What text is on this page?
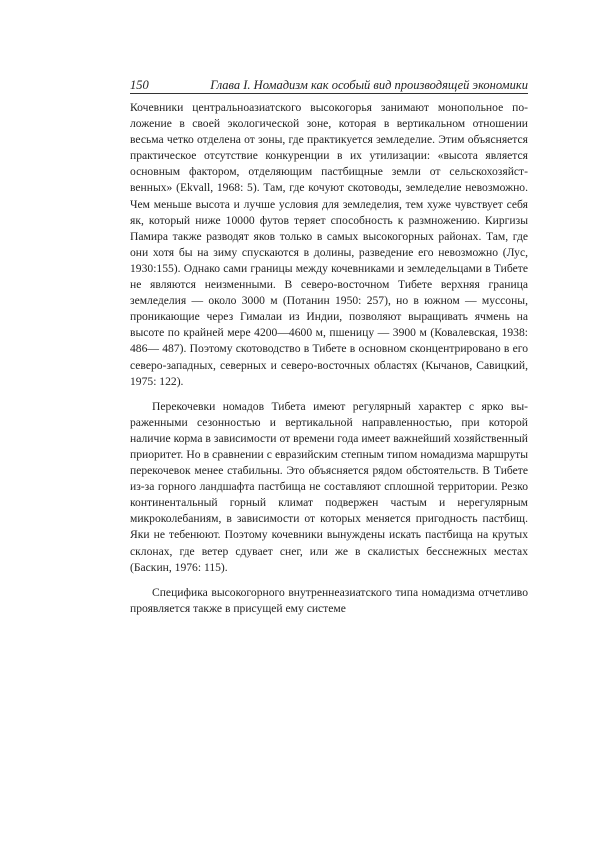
150	Глава I. Номадизм как особый вид производящей экономики

Кочевники центральноазиатского высокогорья занимают монопольное положение в своей экологической зоне, которая в вертикальном отношении весьма четко отделена от зоны, где практикуется земледелие. Этим объясняется практическое отсутствие конкуренции в их утилизации: «высота является основным фактором, отделяющим пастбищные земли от сельскохозяйственных» (Ekvall, 1968: 5). Там, где кочуют скотоводы, земледелие невозможно. Чем меньше высота и лучше условия для земледелия, тем хуже чувствует себя як, который ниже 10000 футов теряет способность к размножению. Киргизы Памира также разводят яков только в самых высокогорных районах. Там, где они хотя бы на зиму спускаются в долины, разведение его невозможно (Лус, 1930:155). Однако сами границы между кочевниками и земледельцами в Тибете не являются неизменными. В северо-восточном Тибете верхняя граница земледелия — около 3000 м (Потанин 1950: 257), но в южном — муссоны, проникающие через Гималаи из Индии, позволяют выращивать ячмень на высоте по крайней мере 4200—4600 м, пшеницу — 3900 м (Ковалевская, 1938: 486— 487). Поэтому скотоводство в Тибете в основном сконцентрировано в его северо-западных, северных и северо-восточных областях (Кычанов, Савицкий, 1975: 122).

Перекочевки номадов Тибета имеют регулярный характер с ярко выраженными сезонностью и вертикальной направленностью, при которой наличие корма в зависимости от времени года имеет важнейший хозяйственный приоритет. Но в сравнении с евразийским степным типом номадизма маршруты перекочевок менее стабильны. Это объясняется рядом обстоятельств. В Тибете из-за горного ландшафта пастбища не составляют сплошной территории. Резко континентальный горный климат подвержен частым и нерегулярным микроколебаниям, в зависимости от которых меняется пригодность пастбищ. Яки не тебенюют. Поэтому кочевники вынуждены искать пастбища на крутых склонах, где ветер сдувает снег, или же в скалистых бесснежных местах (Баскин, 1976: 115).

Специфика высокогорного внутреннеазиатского типа номадизма отчетливо проявляется также в присущей ему системе
